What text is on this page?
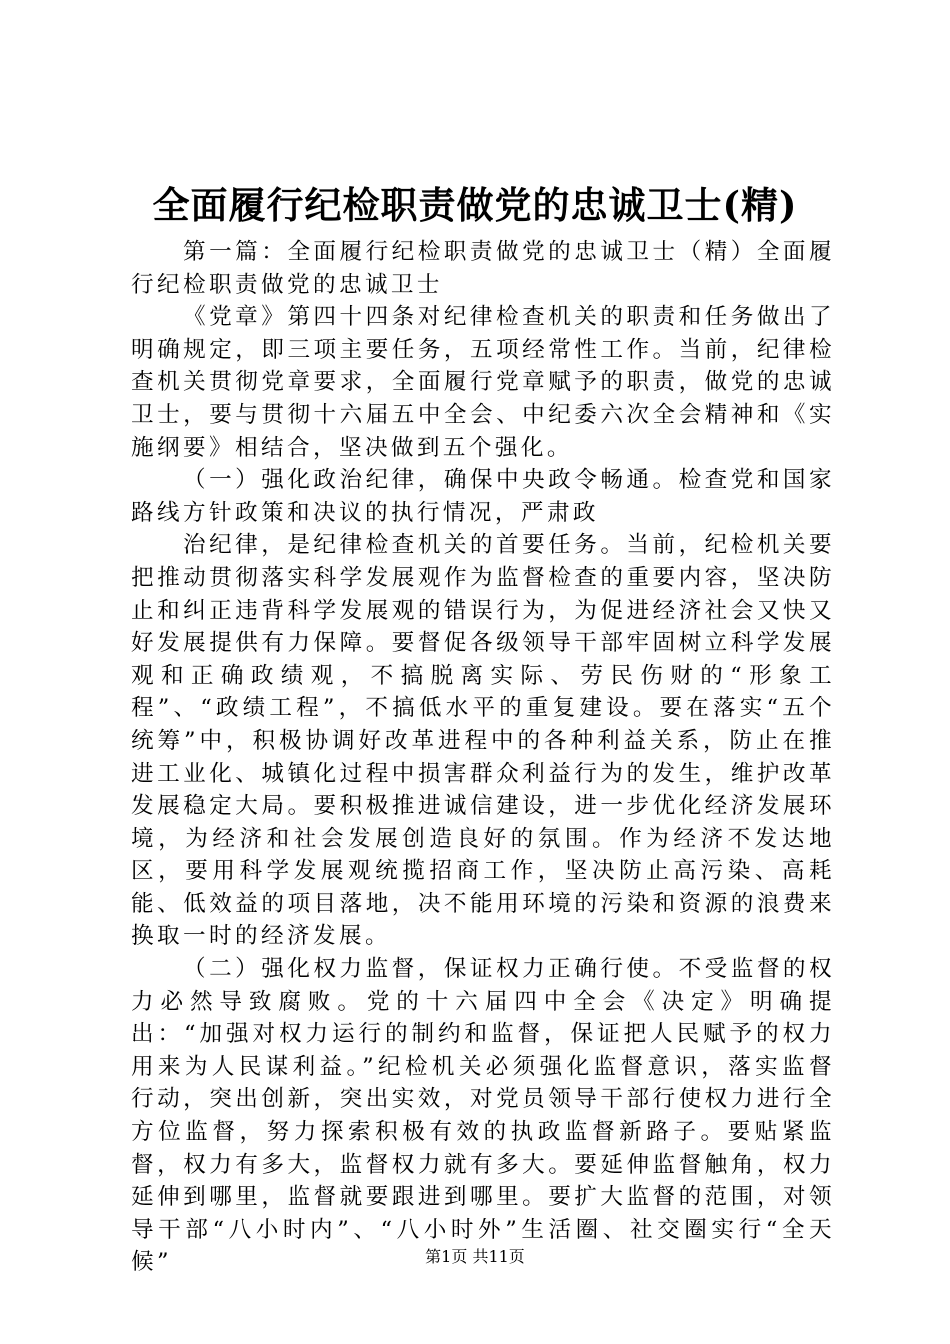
全面履行纪检职责做党的忠诚卫士(精)

第一篇：全面履行纪检职责做党的忠诚卫士（精）全面履行纪检职责做党的忠诚卫士

《党章》第四十四条对纪律检查机关的职责和任务做出了明确规定，即三项主要任务，五项经常性工作。当前，纪律检查机关贯彻党章要求，全面履行党章赋予的职责，做党的忠诚卫士，要与贯彻十六届五中全会、中纪委六次全会精神和《实施纲要》相结合，坚决做到五个强化。

（一）强化政治纪律，确保中央政令畅通。检查党和国家路线方针政策和决议的执行情况，严肃政

治纪律，是纪律检查机关的首要任务。当前，纪检机关要把推动贯彻落实科学发展观作为监督检查的重要内容，坚决防止和纠正违背科学发展观的错误行为，为促进经济社会又快又好发展提供有力保障。要督促各级领导干部牢固树立科学发展观和正确政绩观，不搞脱离实际、劳民伤财的“形象工程”、“政绩工程”，不搞低水平的重复建设。要在落实“五个统筹”中，积极协调好改革进程中的各种利益关系，防止在推进工业化、城镇化过程中损害群众利益行为的发生，维护改革发展稳定大局。要积极推进诚信建设，进一步优化经济发展环境，为经济和社会发展创造良好的氛围。作为经济不发达地区，要用科学发展观统揽招商工作，坚决防止高污染、高耗能、低效益的项目落地，决不能用环境的污染和资源的浪费来换取一时的经济发展。

（二）强化权力监督，保证权力正确行使。不受监督的权力必然导致腐败。党的十六届四中全会《决定》明确提出：“加强对权力运行的制约和监督，保证把人民赋予的权力用来为人民谋利益。”纪检机关必须强化监督意识，落实监督行动，突出创新，突出实效，对党员领导干部行使权力进行全方位监督，努力探索积极有效的执政监督新路子。要贴紧监督，权力有多大，监督权力就有多大。要延伸监督触角，权力延伸到哪里，监督就要跟进到哪里。要扩大监督的范围，对领导干部“八小时内”、“八小时外”生活圈、社交圈实行“全天候”	第1页 共11页
